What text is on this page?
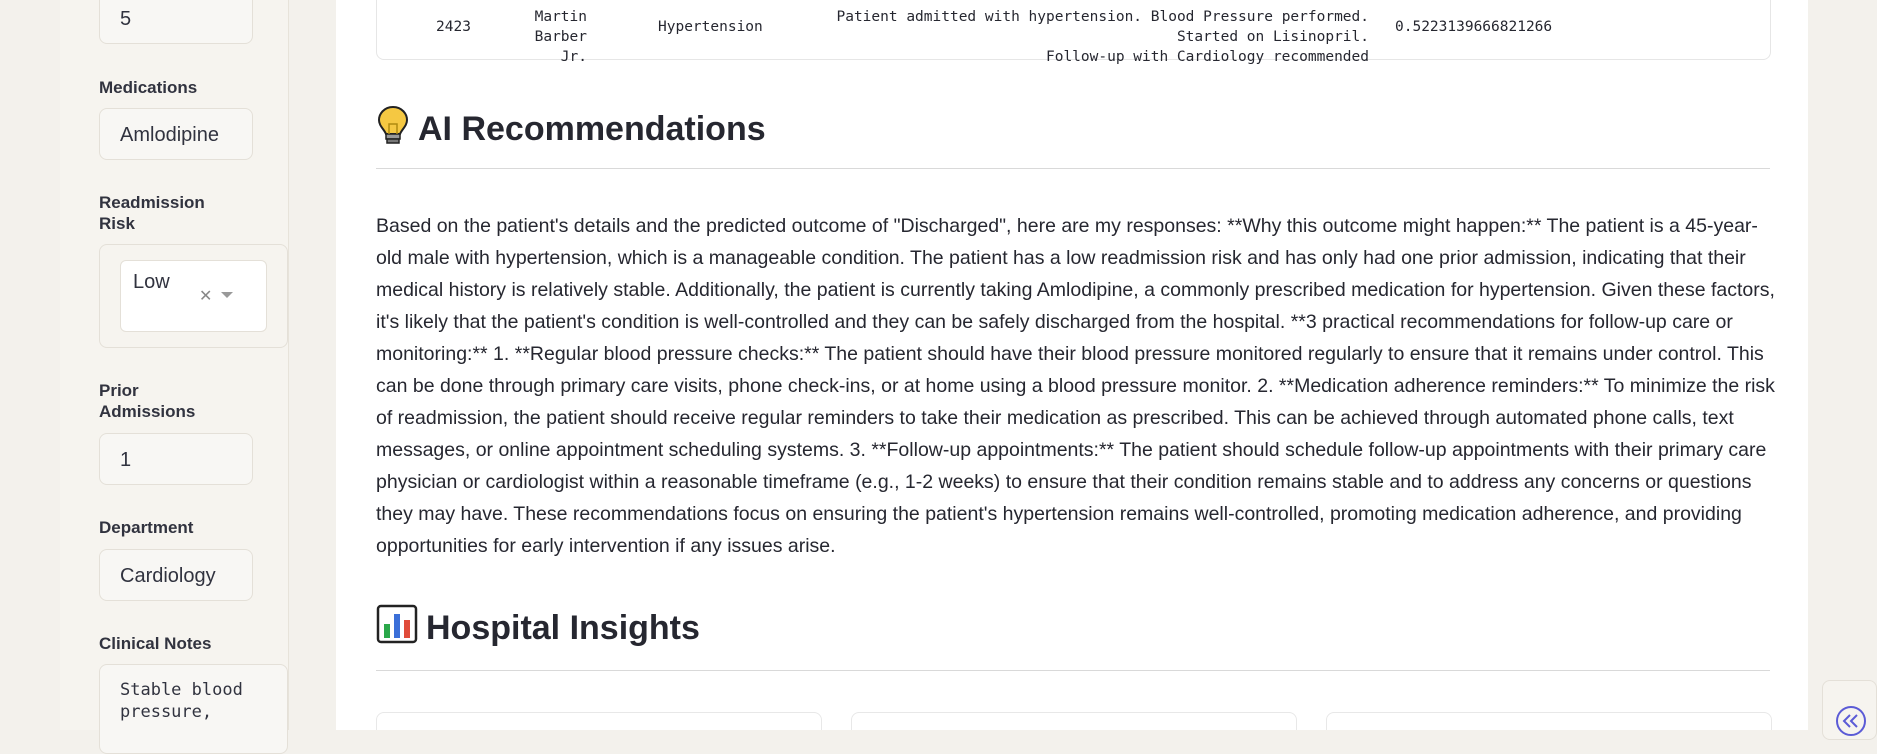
5
Medications
Amlodipine
Readmission Risk
Low
✕
Prior Admissions
1
Department
Cardiology
Clinical Notes
Stable blood pressure,
2423
Martin Barber
Jr.
Hypertension
Patient admitted with hypertension. Blood Pressure performed. Started on Lisinopril.
Follow-up with Cardiology recommended
0.5223139666821266
AI Recommendations
Based on the patient's details and the predicted outcome of "Discharged", here are my responses: **Why this outcome might happen:** The patient is a 45-year-old male with hypertension, which is a manageable condition. The patient has a low readmission risk and has only had one prior admission, indicating that their medical history is relatively stable. Additionally, the patient is currently taking Amlodipine, a commonly prescribed medication for hypertension. Given these factors, it's likely that the patient's condition is well-controlled and they can be safely discharged from the hospital. **3 practical recommendations for follow-up care or monitoring:** 1. **Regular blood pressure checks:** The patient should have their blood pressure monitored regularly to ensure that it remains under control. This can be done through primary care visits, phone check-ins, or at home using a blood pressure monitor. 2. **Medication adherence reminders:** To minimize the risk of readmission, the patient should receive regular reminders to take their medication as prescribed. This can be achieved through automated phone calls, text messages, or online appointment scheduling systems. 3. **Follow-up appointments:** The patient should schedule follow-up appointments with their primary care physician or cardiologist within a reasonable timeframe (e.g., 1-2 weeks) to ensure that their condition remains stable and to address any concerns or questions they may have. These recommendations focus on ensuring the patient's hypertension remains well-controlled, promoting medication adherence, and providing opportunities for early intervention if any issues arise.
Hospital Insights
